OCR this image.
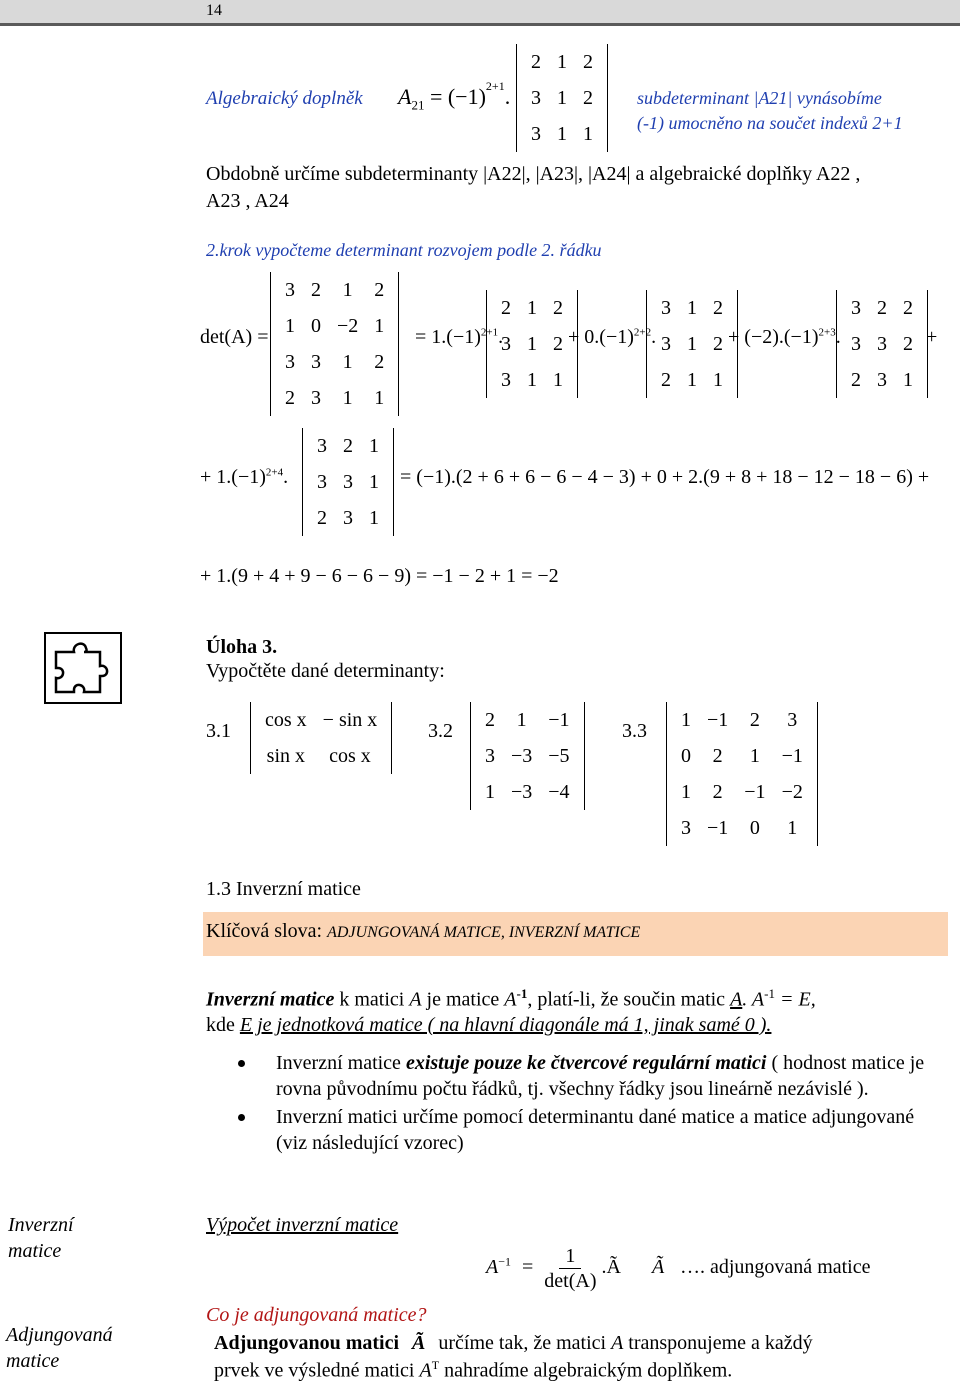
14
Algebraický doplněk $A_{21} = (-1)^{2+1}$.
2	1	2
3	1	2
3	1	1
subdeterminant |A21| vynásobíme
(-1) umocněno na součet indexů 2+1
Obdobně určíme subdeterminanty |A22|, |A23|, |A24| a algebraické doplňky A22 ,
A23 , A24
2.krok vypočteme determinant rozvojem podle 2. řádku
det(A) =
3	2	1	2
1	0	−2	1
3	3	1	2
2	3	1	1
= $1.(-1)^{2+1}$.
2	1	2
3	1	2
3	1	1
+ $0.(-1)^{2+2}$.
3	1	2
3	1	2
2	1	1
+ $(-2).(-1)^{2+3}$.
3	2	2
3	3	2
2	3	1
+
+ $1.(-1)^{2+4}$.
3	2	1
3	3	1
2	3	1
= (−1).(2 + 6 + 6 − 6 − 4 − 3) + 0 + 2.(9 + 8 + 18 − 12 − 18 − 6) +
+ 1.(9 + 4 + 9 − 6 − 6 − 9) = −1 − 2 + 1 = −2
Úloha 3.
Vypočtěte dané determinanty:
3.1 cos x	− sin x
sin x	cos x
3.2 2	1	−1
3	−3	−5
1	−3	−4
3.3 1	−1	2	3
0	2	1	−1
1	2	−1	−2
3	−1	0	1
1.3 Inverzní matice
Klíčová slova: ADJUNGOVANÁ MATICE, INVERZNÍ MATICE
Inverzní matice k matici A je matice $A^{-1}$, platí-li, že součin matic A. $A^{-1} = E$,
kde E je jednotková matice ( na hlavní diagonále má 1, jinak samé 0 ).
Inverzní matice existuje pouze ke čtvercové regulární matici ( hodnost matice je rovna původnímu počtu řádků, tj. všechny řádky jsou lineárně nezávislé ).
Inverzní matici určíme pomocí determinantu dané matice a matice adjungované (viz následující vzorec)
Inverzní matice
Adjungovaná matice
Výpočet inverzní matice
$A^{-1} = \frac{1}{\det(A)}$ .Ã Ã …. adjungovaná matice
Co je adjungovaná matice?
Adjungovanou matici Ã určíme tak, že matici A transponujeme a každý
prvek ve výsledné matici $A^T$ nahradíme algebraickým doplňkem.
